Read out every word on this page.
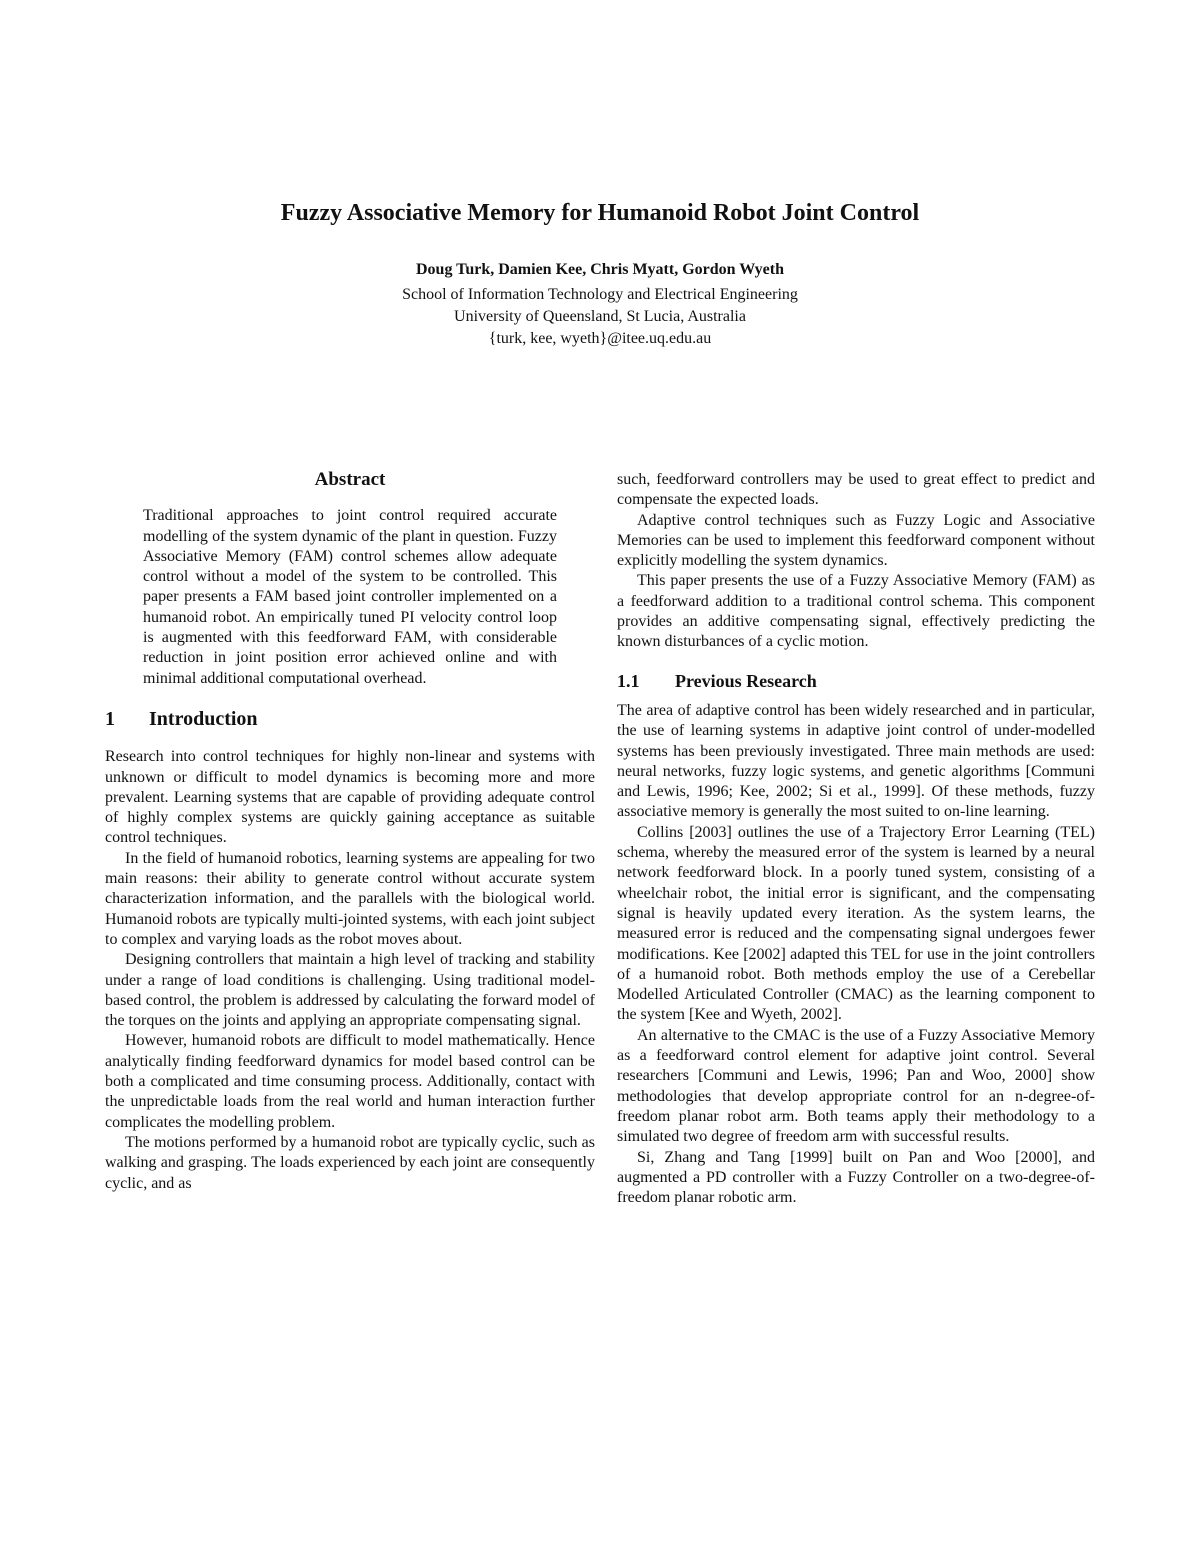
Fuzzy Associative Memory for Humanoid Robot Joint Control
Doug Turk, Damien Kee, Chris Myatt, Gordon Wyeth
School of Information Technology and Electrical Engineering
University of Queensland, St Lucia, Australia
{turk, kee, wyeth}@itee.uq.edu.au
Abstract

Traditional approaches to joint control required accurate modelling of the system dynamic of the plant in question. Fuzzy Associative Memory (FAM) control schemes allow adequate control without a model of the system to be controlled. This paper presents a FAM based joint controller implemented on a humanoid robot. An empirically tuned PI velocity control loop is augmented with this feedforward FAM, with considerable reduction in joint position error achieved online and with minimal additional computational overhead.

1 Introduction

Research into control techniques for highly non-linear and systems with unknown or difficult to model dynamics is becoming more and more prevalent. Learning systems that are capable of providing adequate control of highly complex systems are quickly gaining acceptance as suitable control techniques.

In the field of humanoid robotics, learning systems are appealing for two main reasons: their ability to generate control without accurate system characterization information, and the parallels with the biological world. Humanoid robots are typically multi-jointed systems, with each joint subject to complex and varying loads as the robot moves about.

Designing controllers that maintain a high level of tracking and stability under a range of load conditions is challenging. Using traditional model-based control, the problem is addressed by calculating the forward model of the torques on the joints and applying an appropriate compensating signal.

However, humanoid robots are difficult to model mathematically. Hence analytically finding feedforward dynamics for model based control can be both a complicated and time consuming process. Additionally, contact with the unpredictable loads from the real world and human interaction further complicates the modelling problem.

The motions performed by a humanoid robot are typically cyclic, such as walking and grasping. The loads experienced by each joint are consequently cyclic, and as

such, feedforward controllers may be used to great effect to predict and compensate the expected loads.

Adaptive control techniques such as Fuzzy Logic and Associative Memories can be used to implement this feedforward component without explicitly modelling the system dynamics.

This paper presents the use of a Fuzzy Associative Memory (FAM) as a feedforward addition to a traditional control schema. This component provides an additive compensating signal, effectively predicting the known disturbances of a cyclic motion.

1.1 Previous Research

The area of adaptive control has been widely researched and in particular, the use of learning systems in adaptive joint control of under-modelled systems has been previously investigated. Three main methods are used: neural networks, fuzzy logic systems, and genetic algorithms [Communi and Lewis, 1996; Kee, 2002; Si et al., 1999]. Of these methods, fuzzy associative memory is generally the most suited to on-line learning.

Collins [2003] outlines the use of a Trajectory Error Learning (TEL) schema, whereby the measured error of the system is learned by a neural network feedforward block. In a poorly tuned system, consisting of a wheelchair robot, the initial error is significant, and the compensating signal is heavily updated every iteration. As the system learns, the measured error is reduced and the compensating signal undergoes fewer modifications. Kee [2002] adapted this TEL for use in the joint controllers of a humanoid robot. Both methods employ the use of a Cerebellar Modelled Articulated Controller (CMAC) as the learning component to the system [Kee and Wyeth, 2002].

An alternative to the CMAC is the use of a Fuzzy Associative Memory as a feedforward control element for adaptive joint control. Several researchers [Communi and Lewis, 1996; Pan and Woo, 2000] show methodologies that develop appropriate control for an n-degree-of-freedom planar robot arm. Both teams apply their methodology to a simulated two degree of freedom arm with successful results.

Si, Zhang and Tang [1999] built on Pan and Woo [2000], and augmented a PD controller with a Fuzzy Controller on a two-degree-of-freedom planar robotic arm.
